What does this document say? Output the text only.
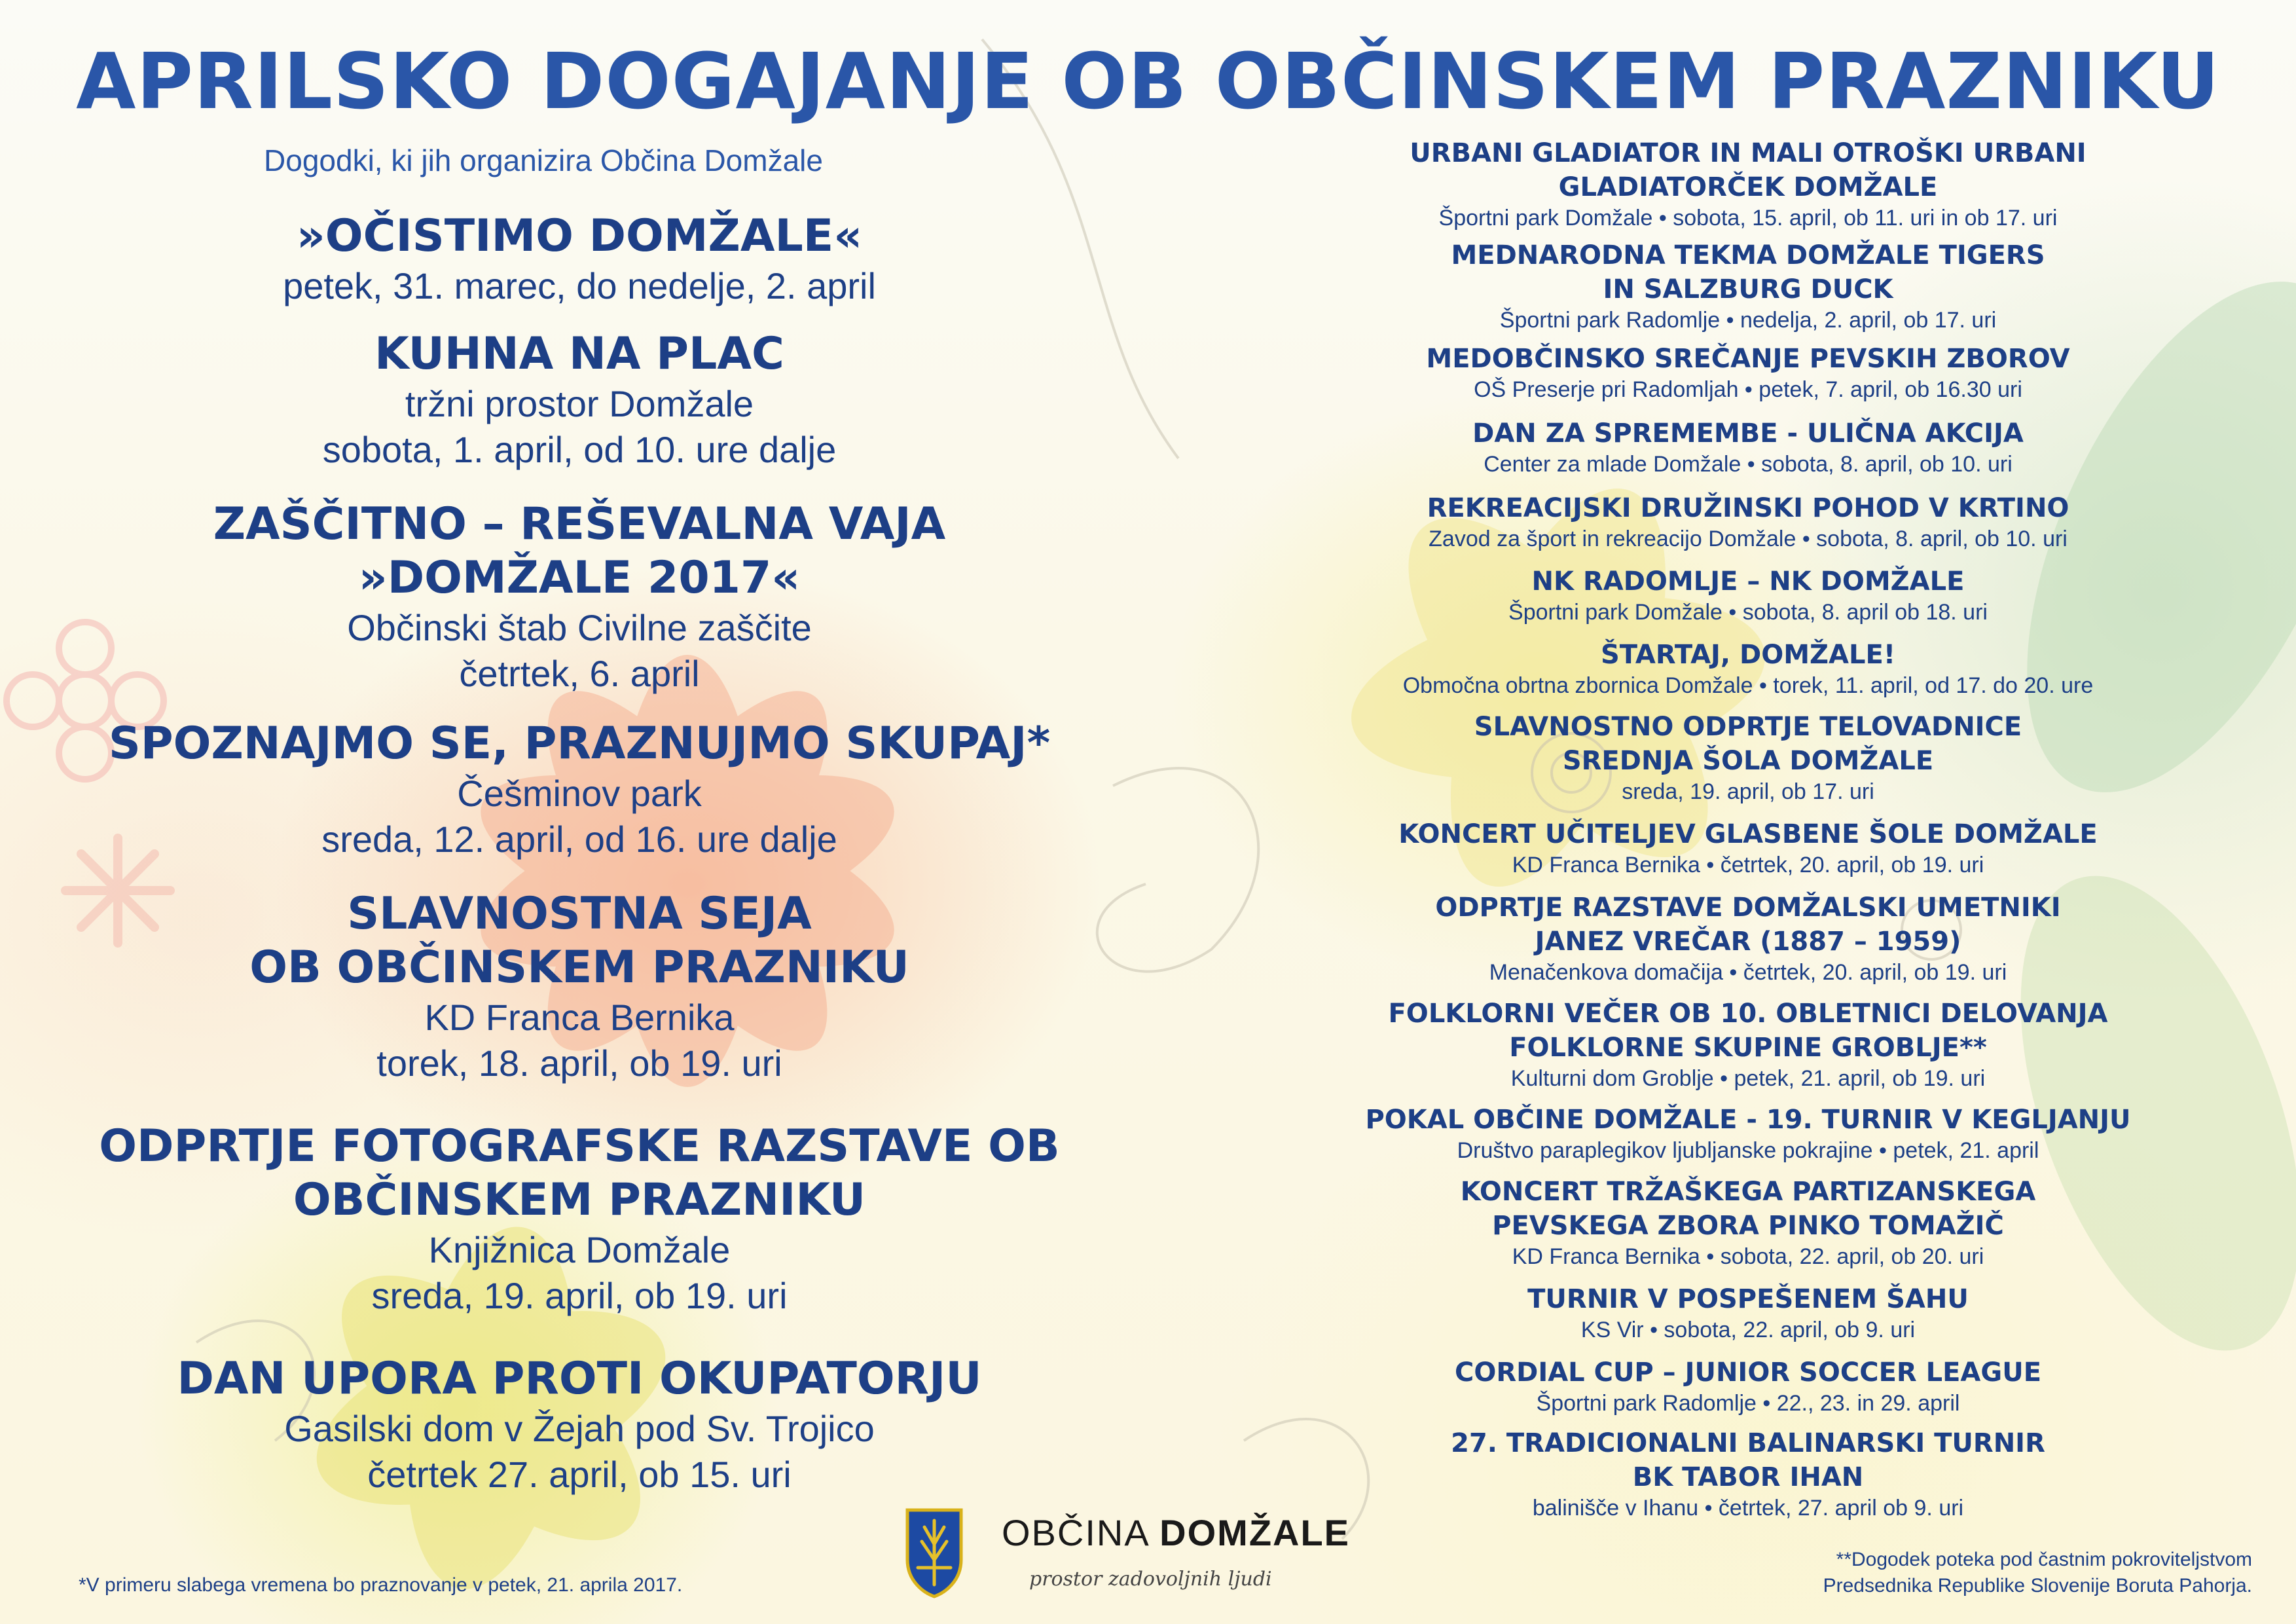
APRILSKO DOGAJANJE OB OBČINSKEM PRAZNIKU
Dogodki, ki jih organizira Občina Domžale
»OČISTIMO DOMŽALE«
petek, 31. marec, do nedelje, 2. april
KUHNA NA PLAC
tržni prostor Domžale
sobota, 1. april, od 10. ure dalje
ZAŠČITNO – REŠEVALNA VAJA
»DOMŽALE 2017«
Občinski štab Civilne zaščite
četrtek, 6. april
SPOZNAJMO SE, PRAZNUJMO SKUPAJ*
Češminov park
sreda, 12. april, od 16. ure dalje
SLAVNOSTNA SEJA
OB OBČINSKEM PRAZNIKU
KD Franca Bernika
torek, 18. april, ob 19. uri
ODPRTJE FOTOGRAFSKE RAZSTAVE OB
OBČINSKEM PRAZNIKU
Knjižnica Domžale
sreda, 19. april, ob 19. uri
DAN UPORA PROTI OKUPATORJU
Gasilski dom v Žejah pod Sv. Trojico
četrtek 27. april, ob 15. uri
URBANI GLADIATOR IN MALI OTROŠKI URBANI
GLADIATORČEK DOMŽALE
Športni park Domžale • sobota, 15. april, ob 11. uri in ob 17. uri
MEDNARODNA TEKMA DOMŽALE TIGERS
IN SALZBURG DUCK
Športni park Radomlje • nedelja, 2. april, ob 17. uri
MEDOBČINSKO SREČANJE PEVSKIH ZBOROV
OŠ Preserje pri Radomljah • petek, 7. april, ob 16.30 uri
DAN ZA SPREMEMBE - ULIČNA AKCIJA
Center za mlade Domžale • sobota, 8. april, ob 10. uri
REKREACIJSKI DRUŽINSKI POHOD V KRTINO
Zavod za šport in rekreacijo Domžale • sobota, 8. april, ob 10. uri
NK RADOMLJE – NK DOMŽALE
Športni park Domžale • sobota, 8. april ob 18. uri
ŠTARTAJ, DOMŽALE!
Območna obrtna zbornica Domžale • torek, 11. april, od 17. do 20. ure
SLAVNOSTNO ODPRTJE TELOVADNICE
SREDNJA ŠOLA DOMŽALE
sreda, 19. april, ob 17. uri
KONCERT UČITELJEV GLASBENE ŠOLE DOMŽALE
KD Franca Bernika • četrtek, 20. april, ob 19. uri
ODPRTJE RAZSTAVE DOMŽALSKI UMETNIKI
JANEZ VREČAR (1887 – 1959)
Menačenkova domačija • četrtek, 20. april, ob 19. uri
FOLKLORNI VEČER OB 10. OBLETNICI DELOVANJA
FOLKLORNE SKUPINE GROBLJE**
Kulturni dom Groblje • petek, 21. april, ob 19. uri
POKAL OBČINE DOMŽALE - 19. TURNIR V KEGLJANJU
Društvo paraplegikov ljubljanske pokrajine • petek, 21. april
KONCERT TRŽAŠKEGA PARTIZANSKEGA
PEVSKEGA ZBORA PINKO TOMAŽIČ
KD Franca Bernika • sobota, 22. april, ob 20. uri
TURNIR V POSPEŠENEM ŠAHU
KS Vir • sobota, 22. april, ob 9. uri
CORDIAL CUP – JUNIOR SOCCER LEAGUE
Športni park Radomlje • 22., 23. in 29. april
27. TRADICIONALNI BALINARSKI TURNIR
BK TABOR IHAN
balinišče v Ihanu • četrtek, 27. april ob 9. uri
OBČINA DOMŽALE
prostor zadovoljnih ljudi
*V primeru slabega vremena bo praznovanje v petek, 21. aprila 2017.
**Dogodek poteka pod častnim pokroviteljstvom
Predsednika Republike Slovenije Boruta Pahorja.
